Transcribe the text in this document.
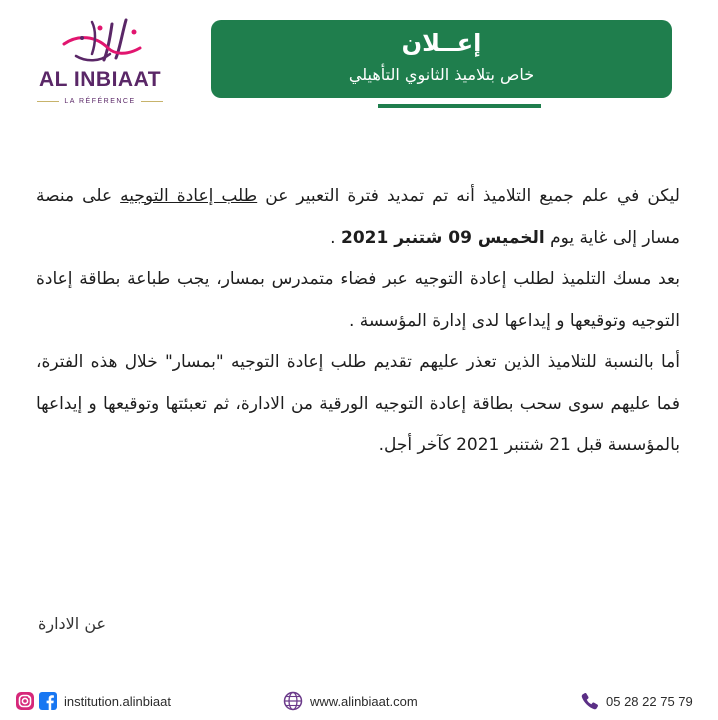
AL INBIAAT
LA RÉFÉRENCE
إعــلان
خاص بتلاميذ الثانوي التأهيلي

ليكن في علم جميع التلاميذ أنه تم تمديد فترة التعبير عن طلب إعادة التوجيه على منصة مسار إلى غاية يوم الخميس 09 شتنبر 2021 .

بعد مسك التلميذ لطلب إعادة التوجيه عبر فضاء متمدرس بمسار، يجب طباعة بطاقة إعادة التوجيه وتوقيعها و إيداعها لدى إدارة المؤسسة .

أما بالنسبة للتلاميذ الذين تعذر عليهم تقديم طلب إعادة التوجيه "بمسار" خلال هذه الفترة، فما عليهم سوى سحب بطاقة إعادة التوجيه الورقية من الادارة، ثم تعبئتها وتوقيعها و إيداعها بالمؤسسة قبل 21 شتنبر 2021 كآخر أجل.

عن الادارة
institution.alinbiaat	www.alinbiaat.com	05 28 22 75 79
